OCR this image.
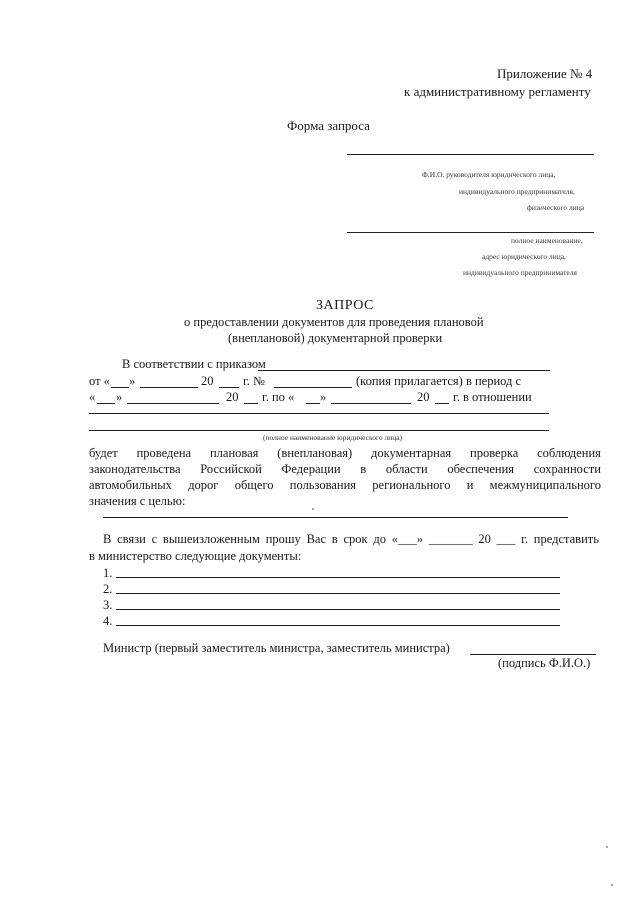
Приложение № 4
к административному регламенту
Форма запроса
Ф.И.О. руководителя юридического лица,
индивидуального предпринимателя,
физического лица
полное наименование,
адрес юридического лица,
индивидуального предпринимателя
ЗАПРОС
о предоставлении документов для проведения плановой
(внеплановой) документарной проверки
В соответствии с приказом
от « »	20 г. №	(копия прилагается) в период с
« »	20 г. по « »	20 г. в отношении
(полное наименование юридического лица)
будет проведена плановая (внеплановая) документарная проверка соблюдения
законодательства Российской Федерации в области обеспечения сохранности
автомобильных дорог общего пользования регионального и межмуниципального
значения с целью:
В связи с вышеизложенным прошу Вас в срок до «___» _______ 20 ___ г. представить
в министерство следующие документы:
1.
2.
3.
4.
Министр (первый заместитель министра, заместитель министра)
(подпись Ф.И.О.)
